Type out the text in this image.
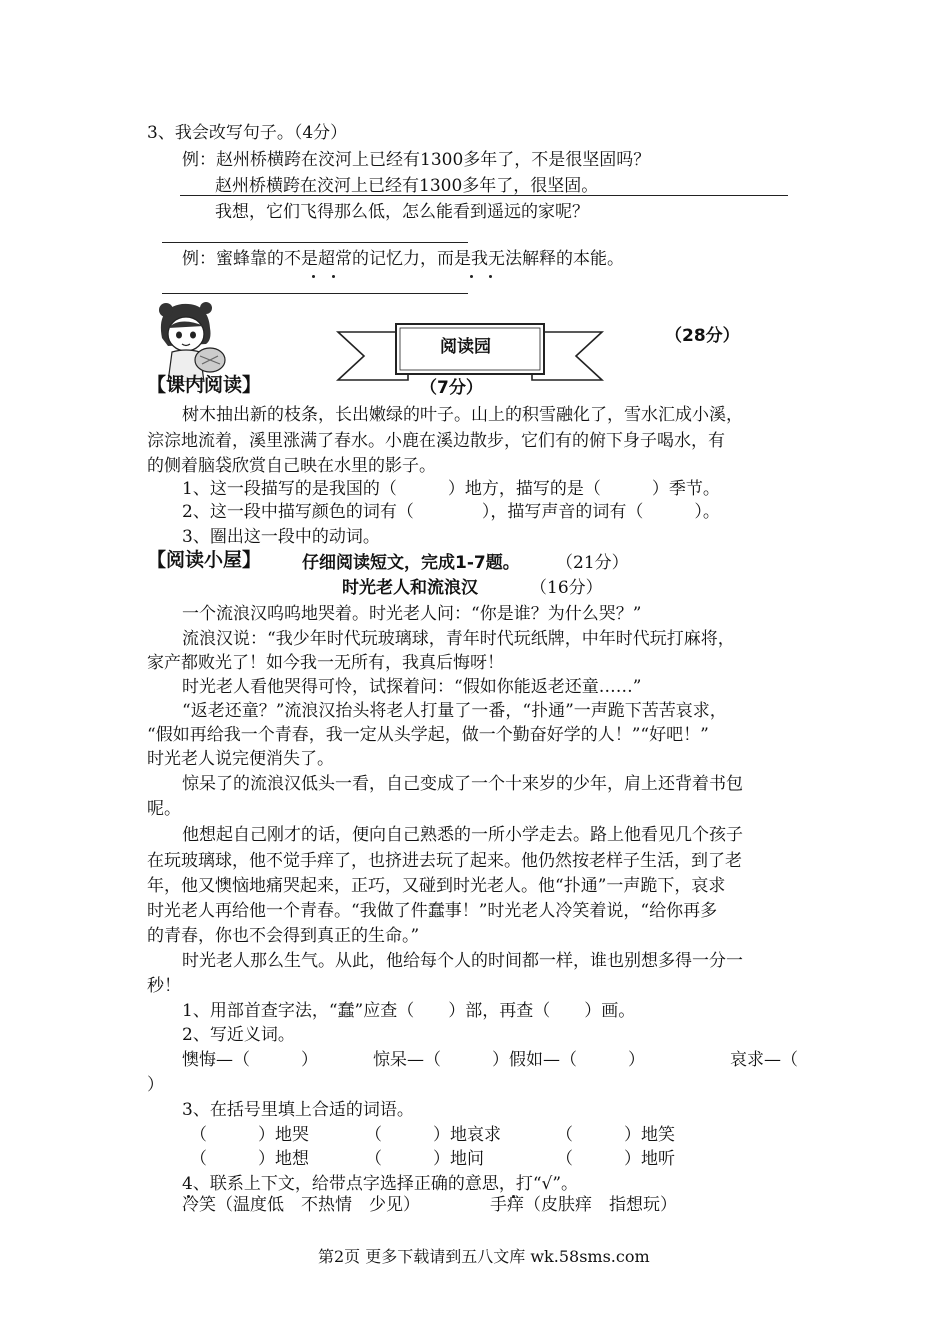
3、我会改写句子。（4分）

例：赵州桥横跨在洨河上已经有1300多年了，不是很坚固吗？

赵州桥横跨在洨河上已经有1300多年了，很坚固。

我想，它们飞得那么低，怎么能看到遥远的家呢？

例：蜜蜂靠的不是超常的记忆力，而是我无法解释的本能。

阅读园

（28分）

【课内阅读】	（7分）

树木抽出新的枝条，长出嫩绿的叶子。山上的积雪融化了，雪水汇成小溪，

淙淙地流着，溪里涨满了春水。小鹿在溪边散步，它们有的俯下身子喝水，有

的侧着脑袋欣赏自己映在水里的影子。

1、这一段描写的是我国的（　　　）地方，描写的是（　　　）季节。

2、这一段中描写颜色的词有（　　　　），描写声音的词有（　　　）。

3、圈出这一段中的动词。

【阅读小屋】 仔细阅读短文，完成1-7题。 （21分）

时光老人和流浪汉	（16分）

一个流浪汉呜呜地哭着。时光老人问：“你是谁？为什么哭？”

流浪汉说：“我少年时代玩玻璃球，青年时代玩纸牌，中年时代玩打麻将，

家产都败光了！如今我一无所有，我真后悔呀！

时光老人看他哭得可怜，试探着问：“假如你能返老还童……”

“返老还童？”流浪汉抬头将老人打量了一番，“扑通”一声跪下苦苦哀求，

“假如再给我一个青春，我一定从头学起，做一个勤奋好学的人！”“好吧！”

时光老人说完便消失了。

惊呆了的流浪汉低头一看，自己变成了一个十来岁的少年，肩上还背着书包

呢。

他想起自己刚才的话，便向自己熟悉的一所小学走去。路上他看见几个孩子

在玩玻璃球，他不觉手痒了，也挤进去玩了起来。他仍然按老样子生活，到了老

年，他又懊恼地痛哭起来，正巧，又碰到时光老人。他“扑通”一声跪下，哀求

时光老人再给他一个青春。“我做了件蠢事！”时光老人冷笑着说，“给你再多

的青春，你也不会得到真正的生命。”

时光老人那么生气。从此，他给每个人的时间都一样，谁也别想多得一分一

秒！

1、用部首查字法，“蠢”应查（　　）部，再查（　　）画。

2、写近义词。

懊悔—（　　　）	惊呆—（　　　）假如—（　　　）	哀求—（

）

3、在括号里填上合适的词语。

（　　　）地哭	（　　　）地哀求	（　　　）地笑

（　　　）地想	（　　　）地问	（　　　）地听

4、联系上下文，给带点字选择正确的意思，打“√”。

冷笑（温度低　不热情　少见）	手痒（皮肤痒　指想玩）

第2页 更多下载请到五八文库 wk.58sms.com
